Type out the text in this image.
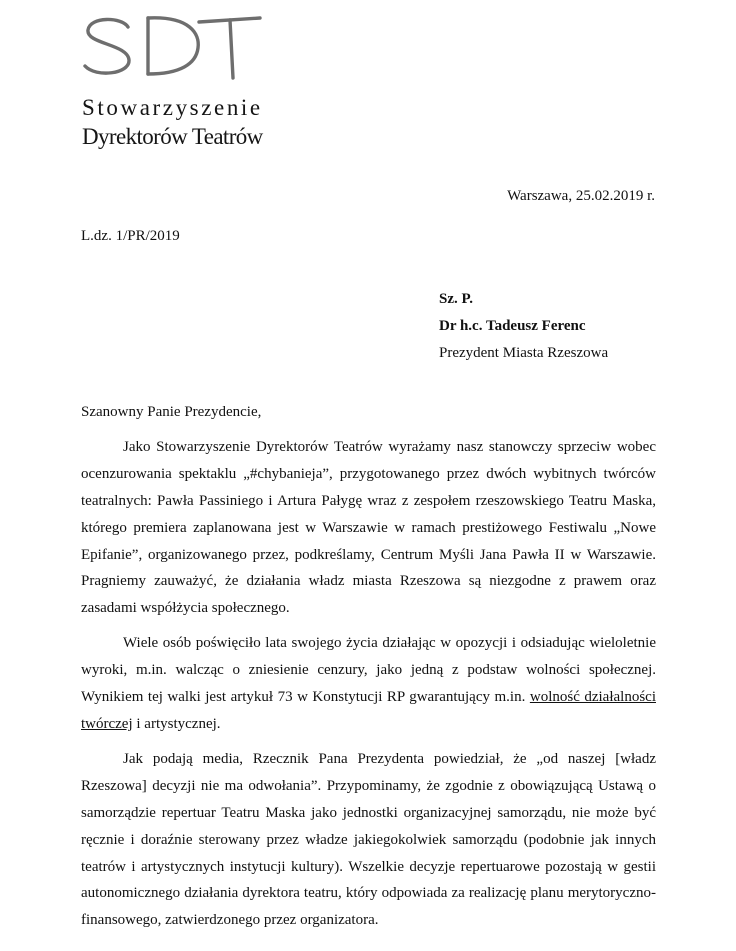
Stowarzyszenie
Dyrektorów Teatrów
Warszawa, 25.02.2019 r.
L.dz. 1/PR/2019
Sz. P.
Dr h.c. Tadeusz Ferenc
Prezydent Miasta Rzeszowa

Szanowny Panie Prezydencie,

Jako Stowarzyszenie Dyrektorów Teatrów wyrażamy nasz stanowczy sprzeciw wobec ocenzurowania spektaklu „#chybanieja”, przygotowanego przez dwóch wybitnych twórców teatralnych: Pawła Passiniego i Artura Pałygę wraz z zespołem rzeszowskiego Teatru Maska, którego premiera zaplanowana jest w Warszawie w ramach prestiżowego Festiwalu „Nowe Epifanie”, organizowanego przez, podkreślamy, Centrum Myśli Jana Pawła II w Warszawie. Pragniemy zauważyć, że działania władz miasta Rzeszowa są niezgodne z prawem oraz zasadami współżycia społecznego.

Wiele osób poświęciło lata swojego życia działając w opozycji i odsiadując wieloletnie wyroki, m.in. walcząc o zniesienie cenzury, jako jedną z podstaw wolności społecznej. Wynikiem tej walki jest artykuł 73 w Konstytucji RP gwarantujący m.in. wolność działalności twórczej i artystycznej.

Jak podają media, Rzecznik Pana Prezydenta powiedział, że „od naszej [władz Rzeszowa] decyzji nie ma odwołania”. Przypominamy, że zgodnie z obowiązującą Ustawą o samorządzie repertuar Teatru Maska jako jednostki organizacyjnej samorządu, nie może być ręcznie i doraźnie sterowany przez władze jakiegokolwiek samorządu (podobnie jak innych teatrów i artystycznych instytucji kultury). Wszelkie decyzje repertuarowe pozostają w gestii autonomicznego działania dyrektora teatru, który odpowiada za realizację planu merytoryczno-finansowego, zatwierdzonego przez organizatora.
